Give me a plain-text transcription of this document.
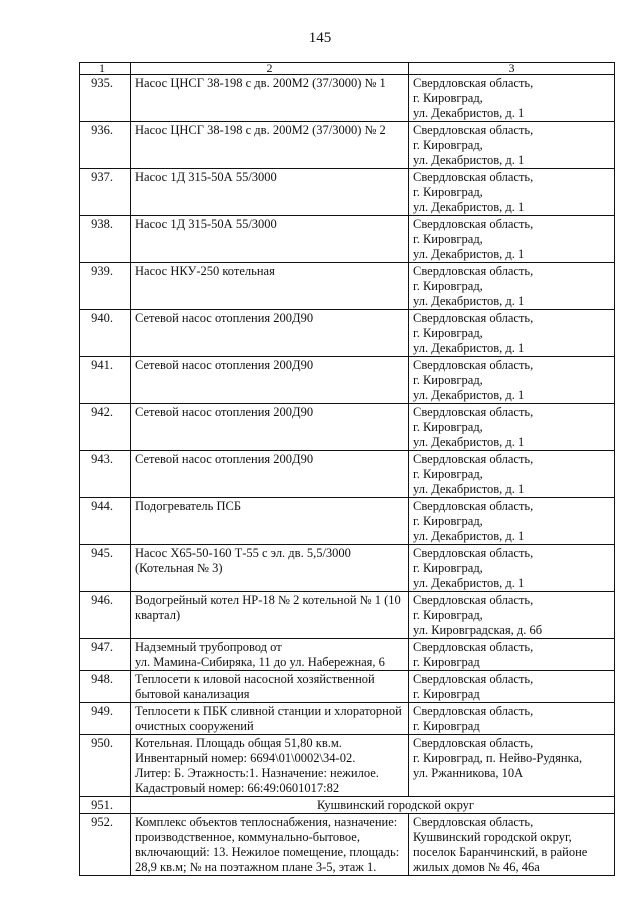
145
1	2	3
935.	Насос ЦНСГ 38-198 с дв. 200М2 (37/3000) № 1	Свердловская область,
г. Кировград,
ул. Декабристов, д. 1

936.	Насос ЦНСГ 38-198 с дв. 200М2 (37/3000) № 2	Свердловская область,
г. Кировград,
ул. Декабристов, д. 1

937.	Насос 1Д 315-50А 55/3000	Свердловская область,
г. Кировград,
ул. Декабристов, д. 1

938.	Насос 1Д 315-50А 55/3000	Свердловская область,
г. Кировград,
ул. Декабристов, д. 1

939.	Насос НКУ-250 котельная	Свердловская область,
г. Кировград,
ул. Декабристов, д. 1

940.	Сетевой насос отопления 200Д90	Свердловская область,
г. Кировград,
ул. Декабристов, д. 1

941.	Сетевой насос отопления 200Д90	Свердловская область,
г. Кировград,
ул. Декабристов, д. 1

942.	Сетевой насос отопления 200Д90	Свердловская область,
г. Кировград,
ул. Декабристов, д. 1

943.	Сетевой насос отопления 200Д90	Свердловская область,
г. Кировград,
ул. Декабристов, д. 1

944.	Подогреватель ПСБ	Свердловская область,
г. Кировград,
ул. Декабристов, д. 1

945.	Насос Х65-50-160 Т-55 с эл. дв. 5,5/3000
(Котельная № 3)	Свердловская область,
г. Кировград,
ул. Декабристов, д. 1

946.	Водогрейный котел НР-18 № 2 котельной № 1 (10
квартал)	Свердловская область,
г. Кировград,
ул. Кировградская, д. 6б

947.	Надземный трубопровод от
ул. Мамина-Сибиряка, 11 до ул. Набережная, 6	Свердловская область,
г. Кировград

948.	Теплосети к иловой насосной хозяйственной
бытовой канализация	Свердловская область,
г. Кировград

949.	Теплосети к ПБК сливной станции и хлораторной
очистных сооружений	Свердловская область,
г. Кировград

950.	Котельная. Площадь общая 51,80 кв.м.
Инвентарный номер: 6694\01\0002\34-02.
Литер: Б. Этажность:1. Назначение: нежилое.
Кадастровый номер: 66:49:0601017:82	Свердловская область,
г. Кировград, п. Нейво-Рудянка,
ул. Ржанникова, 10А

951.	Кушвинский городской округ	
952.	Комплекс объектов теплоснабжения, назначение:
производственное, коммунально-бытовое,
включающий: 13. Нежилое помещение, площадь:
28,9 кв.м; № на поэтажном плане 3-5, этаж 1.	Свердловская область,
Кушвинский городской округ,
поселок Баранчинский, в районе
жилых домов № 46, 46а
